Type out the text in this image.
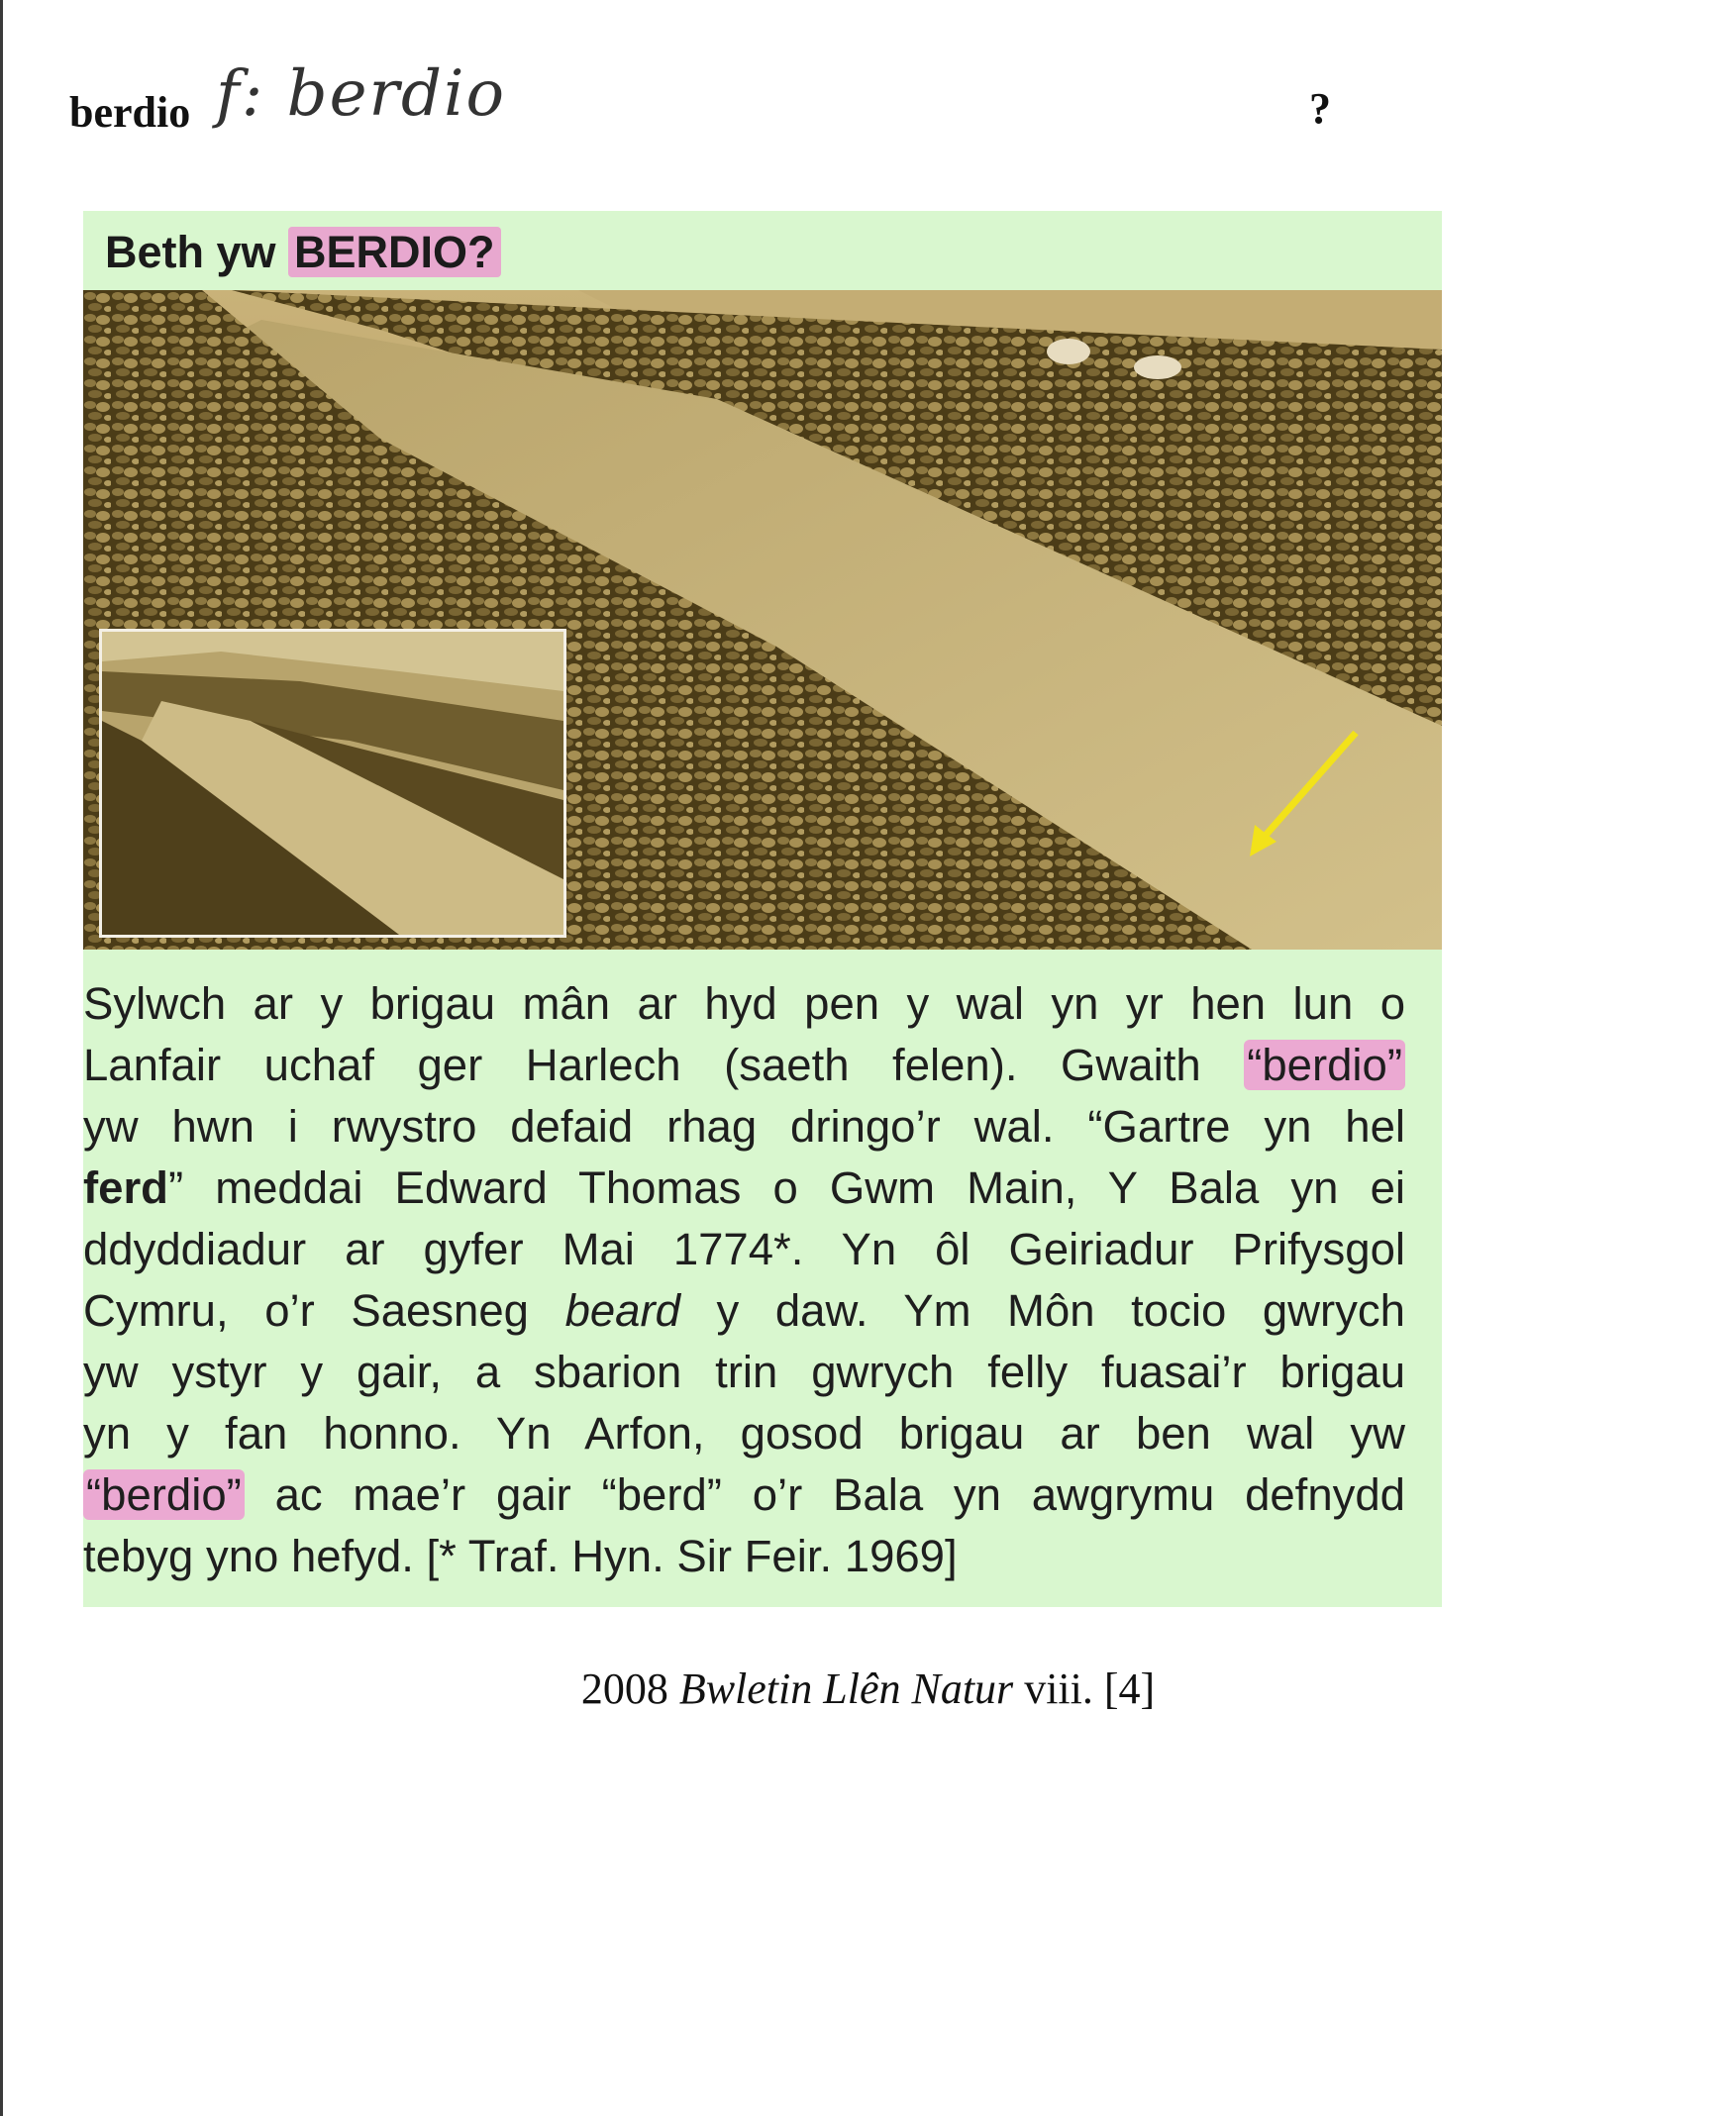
berdio f: berdio	?
Beth yw BERDIO?
Sylwch ar y brigau mân ar hyd pen y wal yn yr hen lun o
Lanfair uchaf ger Harlech (saeth felen). Gwaith “berdio”
yw hwn i rwystro defaid rhag dringo’r wal. “Gartre yn hel
ferd” meddai Edward Thomas o Gwm Main, Y Bala yn ei
ddyddiadur ar gyfer Mai 1774*. Yn ôl Geiriadur Prifysgol
Cymru, o’r Saesneg beard y daw. Ym Môn tocio gwrych
yw ystyr y gair, a sbarion trin gwrych felly fuasai’r brigau
yn y fan honno. Yn Arfon, gosod brigau ar ben wal yw
“berdio” ac mae’r gair “berd” o’r Bala yn awgrymu defnydd
tebyg yno hefyd. [* Traf. Hyn. Sir Feir. 1969]
2008 Bwletin Llên Natur viii. [4]
